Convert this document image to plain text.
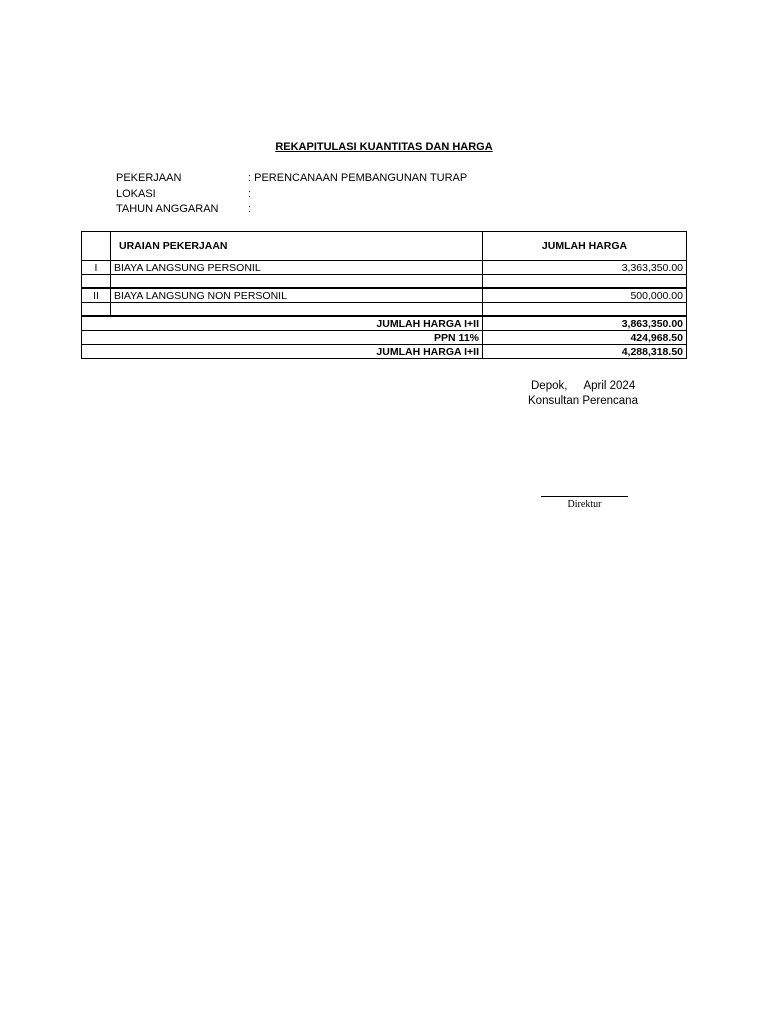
REKAPITULASI KUANTITAS DAN HARGA
PEKERJAAN	: PERENCANAAN PEMBANGUNAN TURAP
LOKASI	:
TAHUN ANGGARAN	:
	URAIAN PEKERJAAN	JUMLAH HARGA
I	BIAYA LANGSUNG PERSONIL	3,363,350.00

II	BIAYA LANGSUNG NON PERSONIL	500,000.00

JUMLAH HARGA I+II		3,863,350.00
PPN 11%		424,968.50
JUMLAH HARGA I+II		4,288,318.50
Depok, April 2024
Konsultan Perencana
Direktur
